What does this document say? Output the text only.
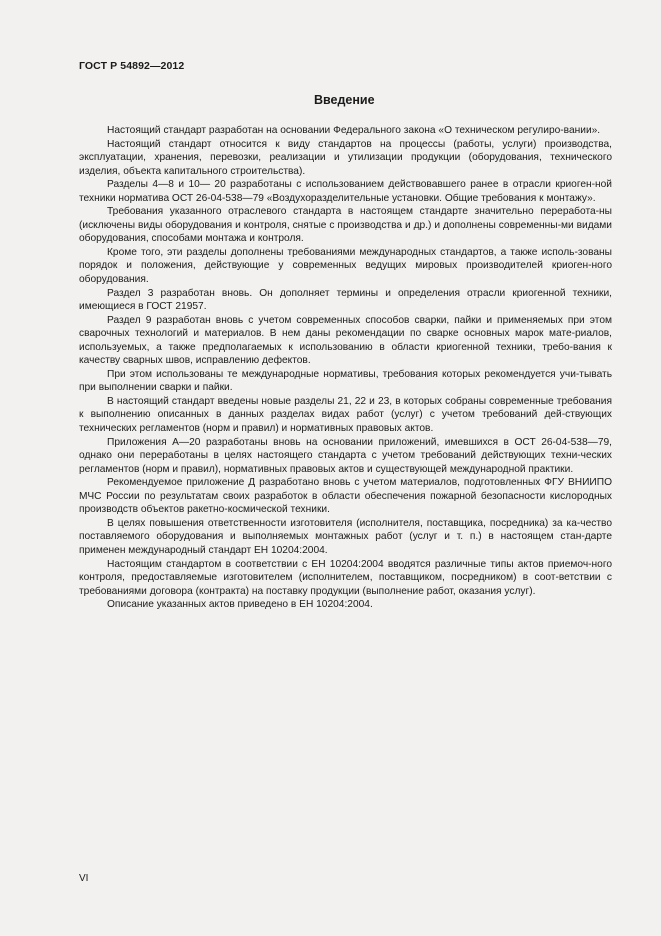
ГОСТ Р 54892—2012
Введение

Настоящий стандарт разработан на основании Федерального закона «О техническом регулиро-вании».

Настоящий стандарт относится к виду стандартов на процессы (работы, услуги) производства, эксплуатации, хранения, перевозки, реализации и утилизации продукции (оборудования, технического изделия, объекта капитального строительства).

Разделы 4—8 и 10— 20 разработаны с использованием действовавшего ранее в отрасли криоген-ной техники норматива ОСТ 26-04-538—79 «Воздухоразделительные установки. Общие требования к монтажу».

Требования указанного отраслевого стандарта в настоящем стандарте значительно переработа-ны (исключены виды оборудования и контроля, снятые с производства и др.) и дополнены современны-ми видами оборудования, способами монтажа и контроля.

Кроме того, эти разделы дополнены требованиями международных стандартов, а также исполь-зованы порядок и положения, действующие у современных ведущих мировых производителей криоген-ного оборудования.

Раздел 3 разработан вновь. Он дополняет термины и определения отрасли криогенной техники, имеющиеся в ГОСТ 21957.

Раздел 9 разработан вновь с учетом современных способов сварки, пайки и применяемых при этом сварочных технологий и материалов. В нем даны рекомендации по сварке основных марок мате-риалов, используемых, а также предполагаемых к использованию в области криогенной техники, требо-вания к качеству сварных швов, исправлению дефектов.

При этом использованы те международные нормативы, требования которых рекомендуется учи-тывать при выполнении сварки и пайки.

В настоящий стандарт введены новые разделы 21, 22 и 23, в которых собраны современные требования к выполнению описанных в данных разделах видах работ (услуг) с учетом требований дей-ствующих технических регламентов (норм и правил) и нормативных правовых актов.

Приложения А—20 разработаны вновь на основании приложений, имевшихся в ОСТ 26-04-538—79, однако они переработаны в целях настоящего стандарта с учетом требований действующих техни-ческих регламентов (норм и правил), нормативных правовых актов и существующей международной практики.

Рекомендуемое приложение Д разработано вновь с учетом материалов, подготовленных ФГУ ВНИИПО МЧС России по результатам своих разработок в области обеспечения пожарной безопасности кислородных производств объектов ракетно-космической техники.

В целях повышения ответственности изготовителя (исполнителя, поставщика, посредника) за ка-чество поставляемого оборудования и выполняемых монтажных работ (услуг и т. п.) в настоящем стан-дарте применен международный стандарт ЕН 10204:2004.

Настоящим стандартом в соответствии с ЕН 10204:2004 вводятся различные типы актов приемоч-ного контроля, предоставляемые изготовителем (исполнителем, поставщиком, посредником) в соот-ветствии с требованиями договора (контракта) на поставку продукции (выполнение работ, оказания услуг).

Описание указанных актов приведено в ЕН 10204:2004.

VI
